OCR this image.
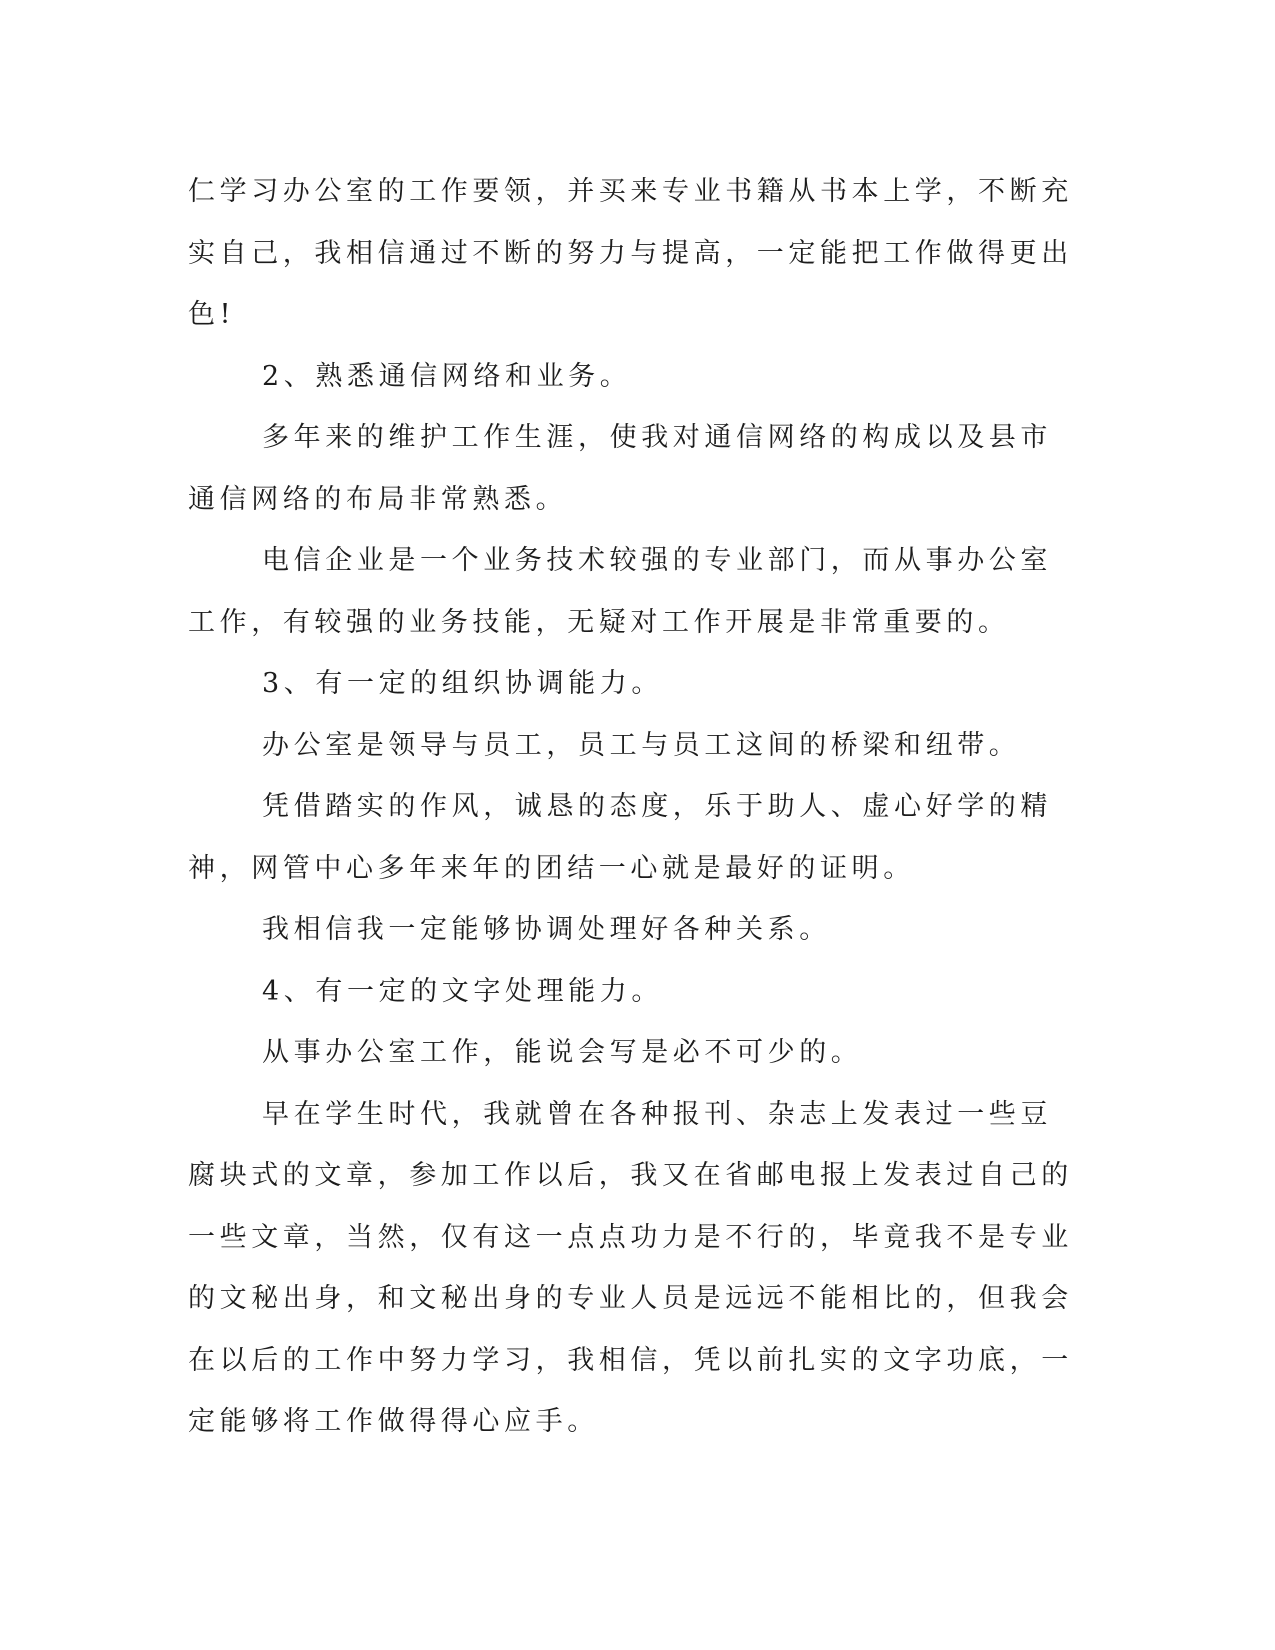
仁学习办公室的工作要领，并买来专业书籍从书本上学，不断充实自己，我相信通过不断的努力与提高，一定能把工作做得更出色!

2、熟悉通信网络和业务。

多年来的维护工作生涯，使我对通信网络的构成以及县市通信网络的布局非常熟悉。

电信企业是一个业务技术较强的专业部门，而从事办公室工作，有较强的业务技能，无疑对工作开展是非常重要的。

3、有一定的组织协调能力。

办公室是领导与员工，员工与员工这间的桥梁和纽带。

凭借踏实的作风，诚恳的态度，乐于助人、虚心好学的精神，网管中心多年来年的团结一心就是最好的证明。

我相信我一定能够协调处理好各种关系。

4、有一定的文字处理能力。

从事办公室工作，能说会写是必不可少的。

早在学生时代，我就曾在各种报刊、杂志上发表过一些豆腐块式的文章，参加工作以后，我又在省邮电报上发表过自己的一些文章，当然，仅有这一点点功力是不行的，毕竟我不是专业的文秘出身，和文秘出身的专业人员是远远不能相比的，但我会在以后的工作中努力学习，我相信，凭以前扎实的文字功底，一定能够将工作做得得心应手。
